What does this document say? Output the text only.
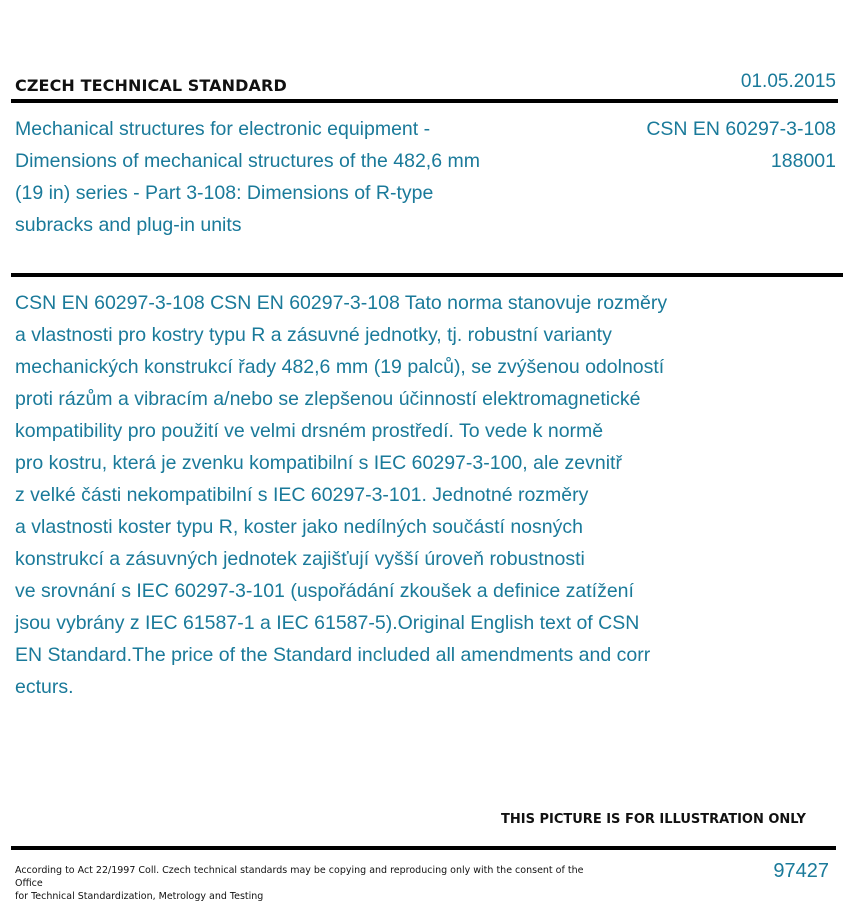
CZECH TECHNICAL STANDARD	01.05.2015
Mechanical structures for electronic equipment - Dimensions of mechanical structures of the 482,6 mm (19 in) series - Part 3-108: Dimensions of R-type subracks and plug-in units
CSN EN 60297-3-108
188001
CSN EN 60297-3-108 CSN EN 60297-3-108 Tato norma stanovuje rozměry
a vlastnosti pro kostry typu R a zásuvné jednotky, tj. robustní varianty
mechanických konstrukcí řady 482,6 mm (19 palců), se zvýšenou odolností
proti rázům a vibracím a/nebo se zlepšenou účinností elektromagnetické
kompatibility pro použití ve velmi drsném prostředí. To vede k normě
pro kostru, která je zvenku kompatibilní s IEC 60297-3-100, ale zevnitř
z velké části nekompatibilní s IEC 60297-3-101. Jednotné rozměry
a vlastnosti koster typu R, koster jako nedílných součástí nosných
konstrukcí a zásuvných jednotek zajišťují vyšší úroveň robustnosti
ve srovnání s IEC 60297-3-101 (uspořádání zkoušek a definice zatížení
jsou vybrány z IEC 61587-1 a IEC 61587-5).Original English text of CSN
EN Standard.The price of the Standard included all amendments and corr
ecturs.
THIS PICTURE IS FOR ILLUSTRATION ONLY
According to Act 22/1997 Coll. Czech technical standards may be copying and reproducing only with the consent of the Office
for Technical Standardization, Metrology and Testing
97427
